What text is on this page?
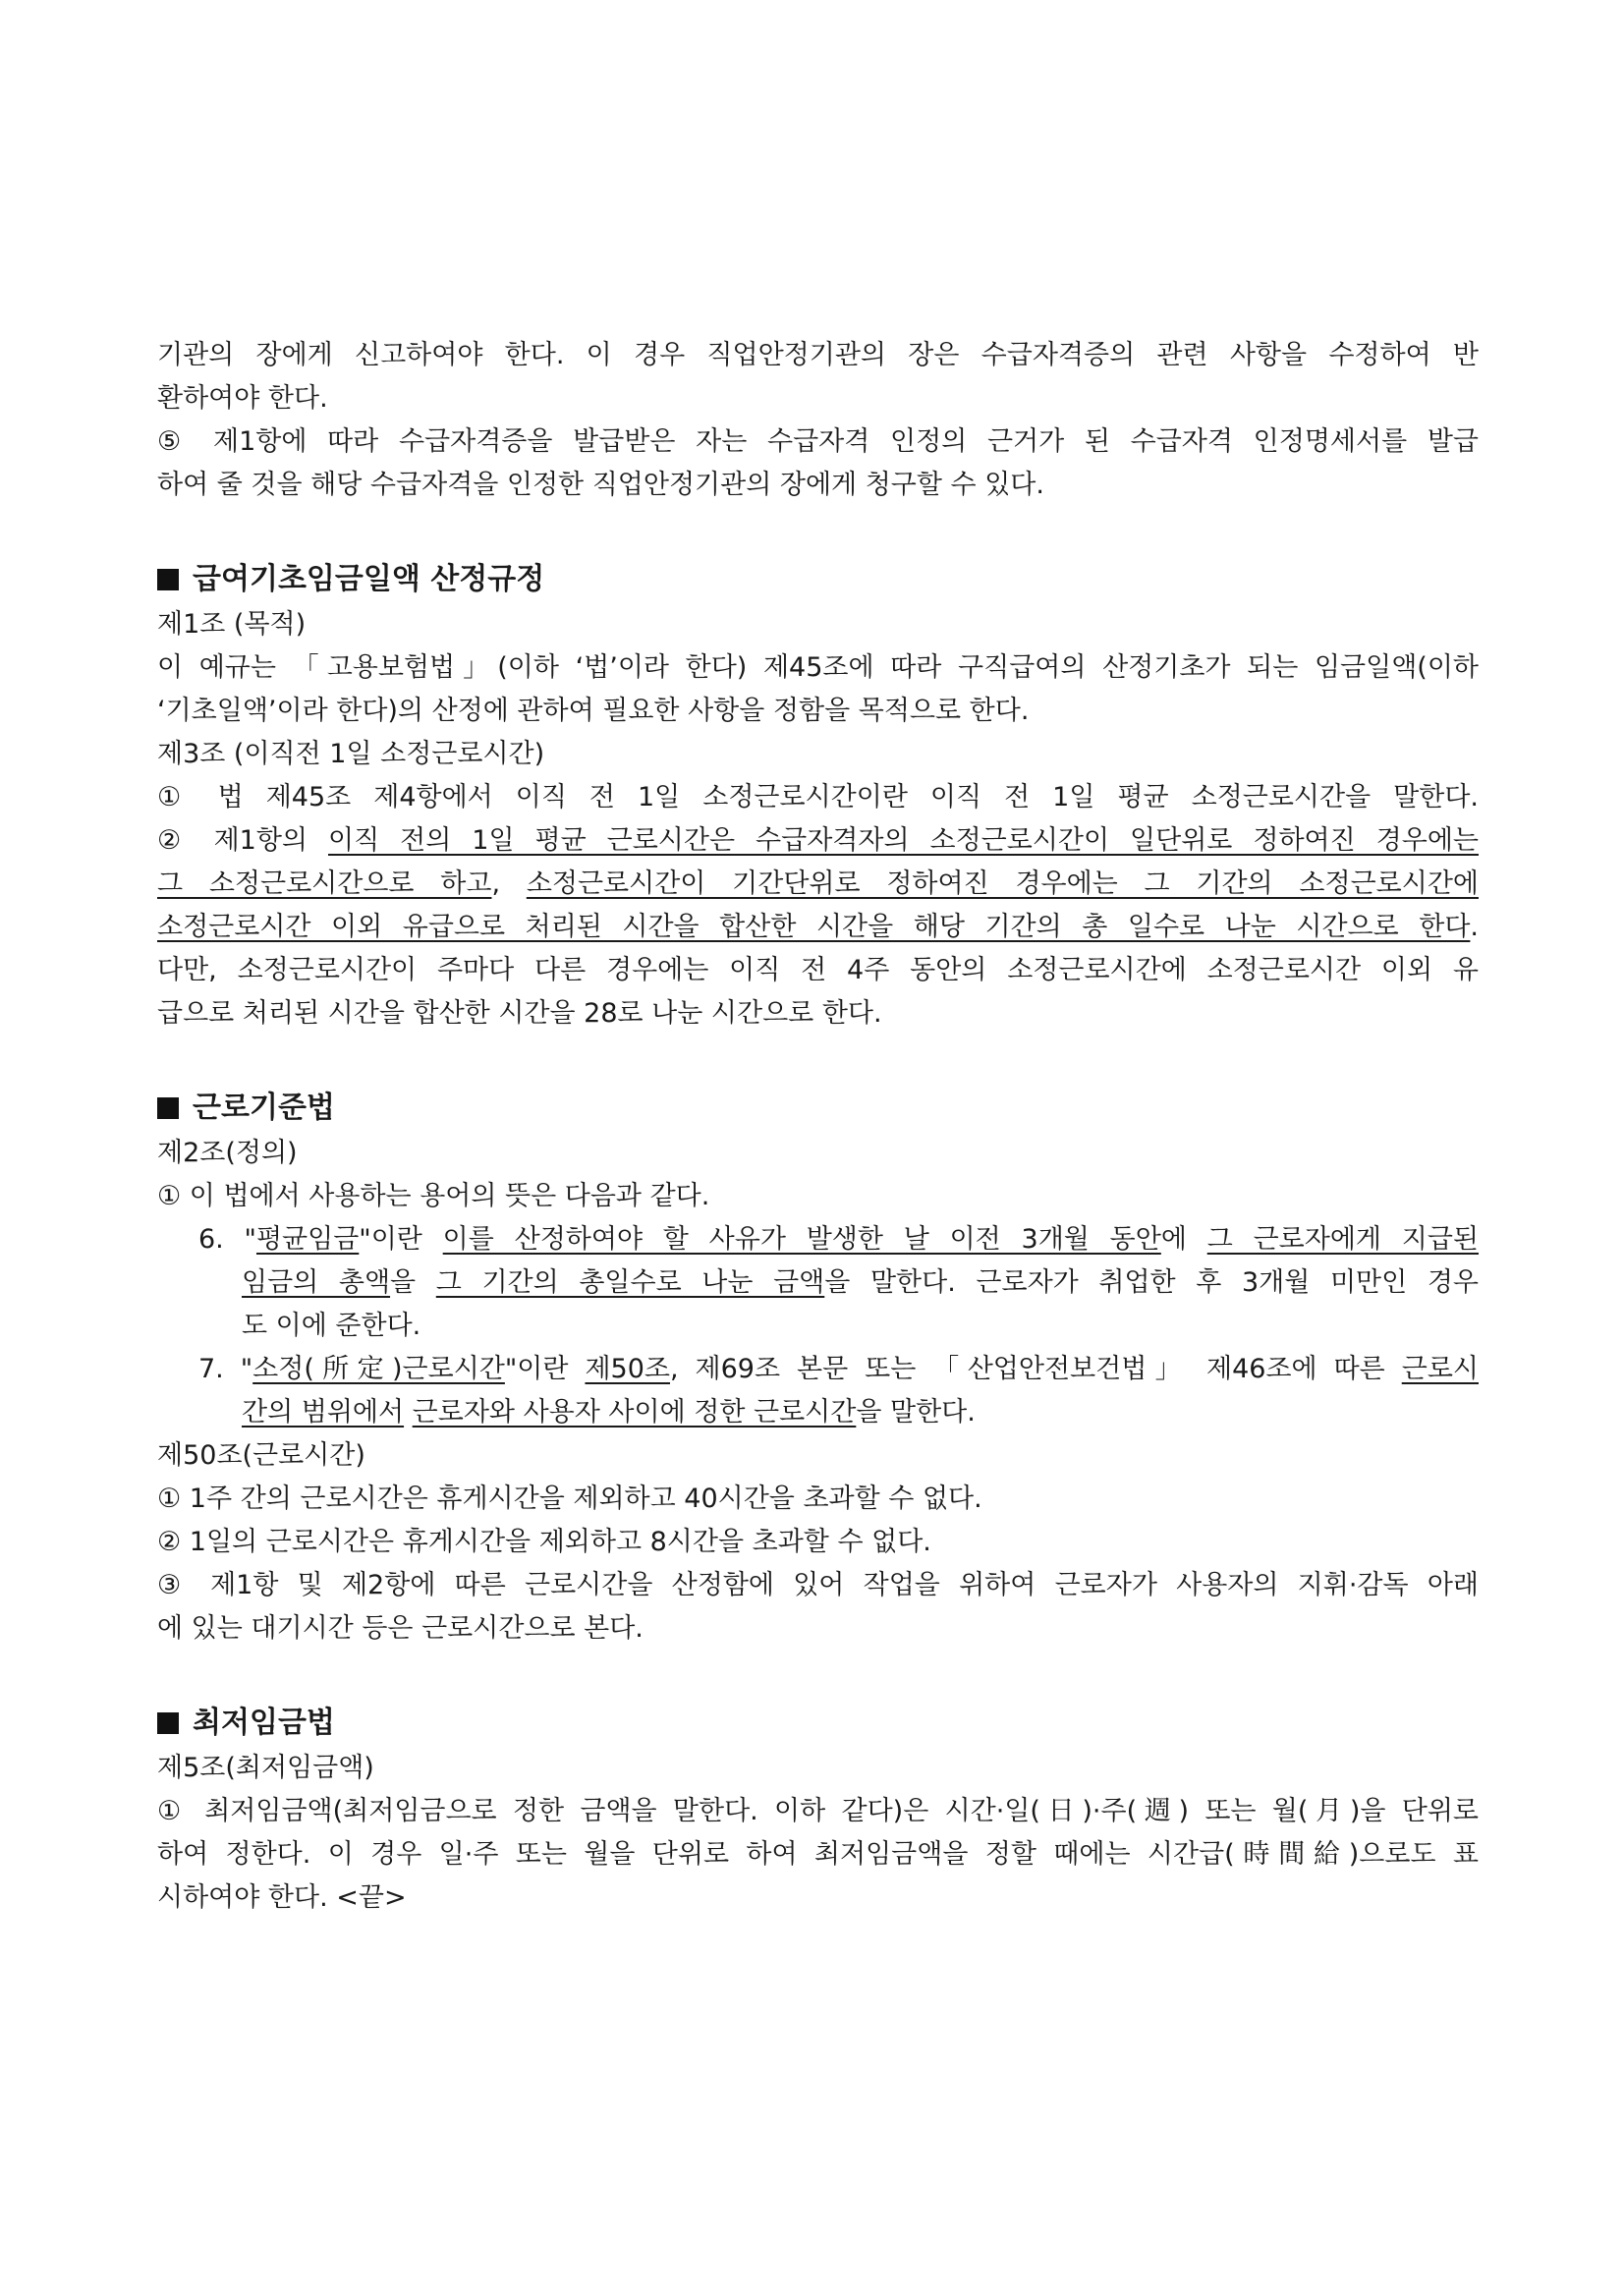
기관의 장에게 신고하여야 한다. 이 경우 직업안정기관의 장은 수급자격증의 관련 사항을 수정하여 반
환하여야 한다.
⑤ 제1항에 따라 수급자격증을 발급받은 자는 수급자격 인정의 근거가 된 수급자격 인정명세서를 발급
하여 줄 것을 해당 수급자격을 인정한 직업안정기관의 장에게 청구할 수 있다.
급여기초임금일액 산정규정
제1조 (목적)
이 예규는 「고용보험법」(이하 ‘법’이라 한다) 제45조에 따라 구직급여의 산정기초가 되는 임금일액(이하
‘기초일액’이라 한다)의 산정에 관하여 필요한 사항을 정함을 목적으로 한다.
제3조 (이직전 1일 소정근로시간)
① 법 제45조 제4항에서 이직 전 1일 소정근로시간이란 이직 전 1일 평균 소정근로시간을 말한다.
② 제1항의 이직 전의 1일 평균 근로시간은 수급자격자의 소정근로시간이 일단위로 정하여진 경우에는
그 소정근로시간으로 하고, 소정근로시간이 기간단위로 정하여진 경우에는 그 기간의 소정근로시간에
소정근로시간 이외 유급으로 처리된 시간을 합산한 시간을 해당 기간의 총 일수로 나눈 시간으로 한다.
다만, 소정근로시간이 주마다 다른 경우에는 이직 전 4주 동안의 소정근로시간에 소정근로시간 이외 유
급으로 처리된 시간을 합산한 시간을 28로 나눈 시간으로 한다.
근로기준법
제2조(정의)
① 이 법에서 사용하는 용어의 뜻은 다음과 같다.
6. "평균임금"이란 이를 산정하여야 할 사유가 발생한 날 이전 3개월 동안에 그 근로자에게 지급된
임금의 총액을 그 기간의 총일수로 나눈 금액을 말한다. 근로자가 취업한 후 3개월 미만인 경우
도 이에 준한다.
7. "소정(所定)근로시간"이란 제50조, 제69조 본문 또는 「산업안전보건법」 제46조에 따른 근로시
간의 범위에서 근로자와 사용자 사이에 정한 근로시간을 말한다.
제50조(근로시간)
① 1주 간의 근로시간은 휴게시간을 제외하고 40시간을 초과할 수 없다.
② 1일의 근로시간은 휴게시간을 제외하고 8시간을 초과할 수 없다.
③ 제1항 및 제2항에 따른 근로시간을 산정함에 있어 작업을 위하여 근로자가 사용자의 지휘·감독 아래
에 있는 대기시간 등은 근로시간으로 본다.
최저임금법
제5조(최저임금액)
① 최저임금액(최저임금으로 정한 금액을 말한다. 이하 같다)은 시간·일(日)·주(週) 또는 월(月)을 단위로
하여 정한다. 이 경우 일·주 또는 월을 단위로 하여 최저임금액을 정할 때에는 시간급(時間給)으로도 표
시하여야 한다. <끝>
